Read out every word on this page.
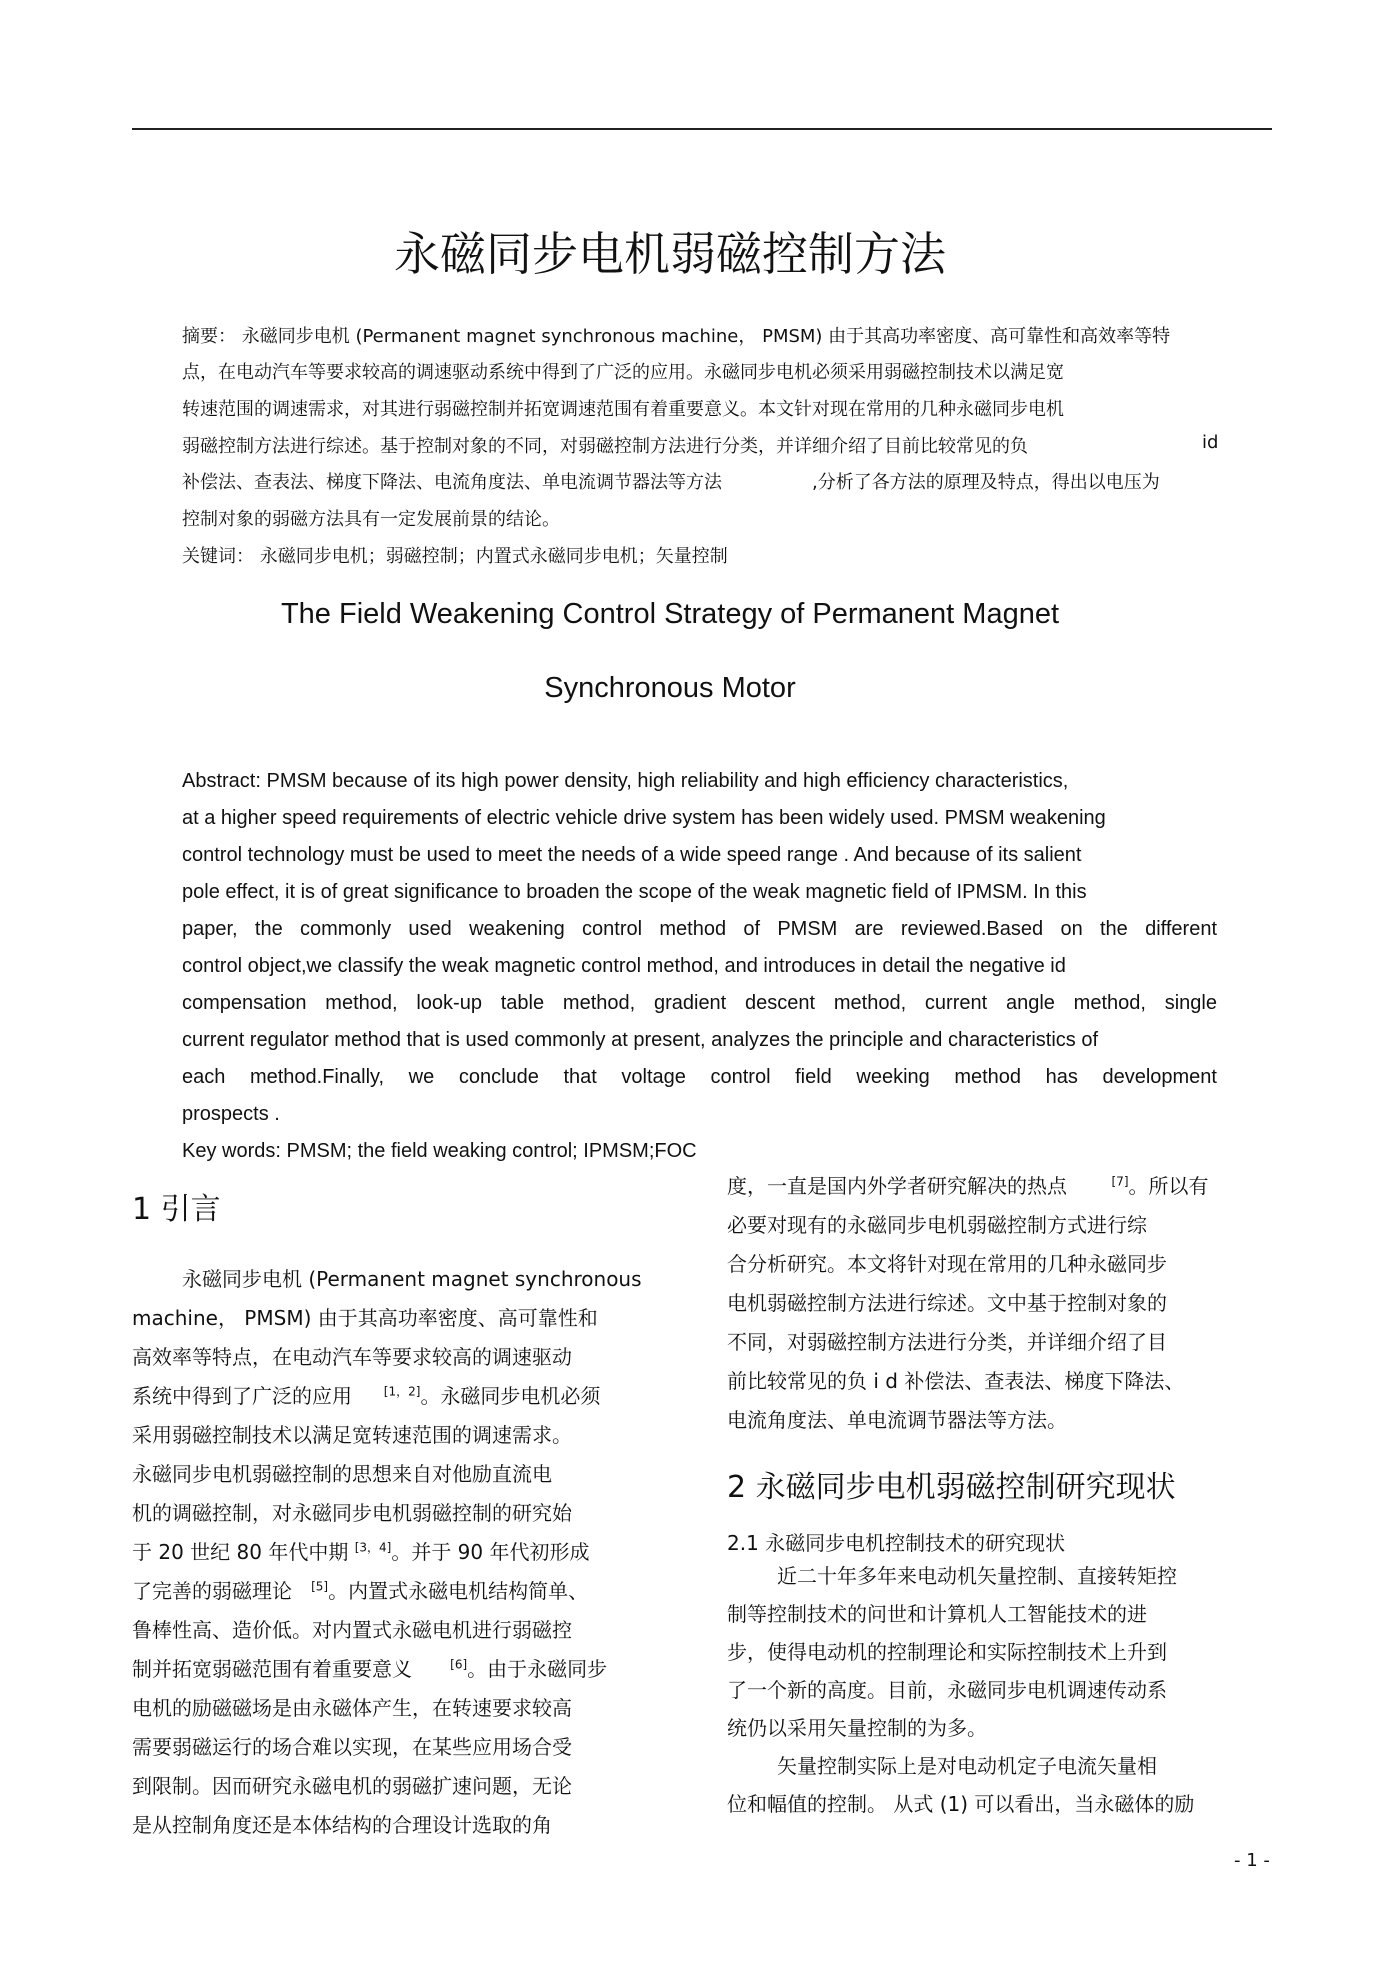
永磁同步电机弱磁控制方法
摘要： 永磁同步电机 (Permanent magnet synchronous machine， PMSM) 由于其高功率密度、高可靠性和高效率等特
点，在电动汽车等要求较高的调速驱动系统中得到了广泛的应用。永磁同步电机必须采用弱磁控制技术以满足宽
转速范围的调速需求，对其进行弱磁控制并拓宽调速范围有着重要意义。本文针对现在常用的几种永磁同步电机
弱磁控制方法进行综述。基于控制对象的不同，对弱磁控制方法进行分类，并详细介绍了目前比较常见的负	id
补偿法、查表法、梯度下降法、电流角度法、单电流调节器法等方法	,分析了各方法的原理及特点，得出以电压为
控制对象的弱磁方法具有一定发展前景的结论。
关键词： 永磁同步电机；弱磁控制；内置式永磁同步电机；矢量控制
The Field Weakening Control Strategy of Permanent Magnet
Synchronous Motor
Abstract: PMSM because of its high power density, high reliability and high efficiency characteristics,
at a higher speed requirements of electric vehicle drive system has been widely used. PMSM weakening
control technology must be used to meet the needs of a wide speed range . And because of its salient
pole effect, it is of great significance to broaden the scope of the weak magnetic field of IPMSM. In this
paper, the commonly used weakening control method of PMSM are reviewed.Based on the different
control object,we classify the weak magnetic control method, and introduces in detail the negative id
compensation method, look-up table method, gradient descent method, current angle method, single
current regulator method that is used commonly at present, analyzes the principle and characteristics of
each method.Finally, we conclude that voltage control field weeking method has development
prospects .
Key words: PMSM; the field weaking control; IPMSM;FOC
1 引言
永磁同步电机 (Permanent magnet synchronous
machine， PMSM) 由于其高功率密度、高可靠性和
高效率等特点，在电动汽车等要求较高的调速驱动
系统中得到了广泛的应用	[1，2]。永磁同步电机必须
采用弱磁控制技术以满足宽转速范围的调速需求。
永磁同步电机弱磁控制的思想来自对他励直流电
机的调磁控制，对永磁同步电机弱磁控制的研究始
于 20 世纪 80 年代中期 [3，4]。并于 90 年代初形成
了完善的弱磁理论 [5]。内置式永磁电机结构简单、
鲁棒性高、造价低。对内置式永磁电机进行弱磁控
制并拓宽弱磁范围有着重要意义	[6]。由于永磁同步
电机的励磁磁场是由永磁体产生，在转速要求较高
需要弱磁运行的场合难以实现，在某些应用场合受
到限制。因而研究永磁电机的弱磁扩速问题，无论
是从控制角度还是本体结构的合理设计选取的角
度，一直是国内外学者研究解决的热点	[7]。所以有
必要对现有的永磁同步电机弱磁控制方式进行综
合分析研究。本文将针对现在常用的几种永磁同步
电机弱磁控制方法进行综述。文中基于控制对象的
不同，对弱磁控制方法进行分类，并详细介绍了目
前比较常见的负 i d 补偿法、查表法、梯度下降法、
电流角度法、单电流调节器法等方法。
2 永磁同步电机弱磁控制研究现状
2.1 永磁同步电机控制技术的研究现状
近二十年多年来电动机矢量控制、直接转矩控
制等控制技术的问世和计算机人工智能技术的进
步，使得电动机的控制理论和实际控制技术上升到
了一个新的高度。目前，永磁同步电机调速传动系
统仍以采用矢量控制的为多。
矢量控制实际上是对电动机定子电流矢量相
位和幅值的控制。 从式 (1) 可以看出，当永磁体的励
- 1 -
